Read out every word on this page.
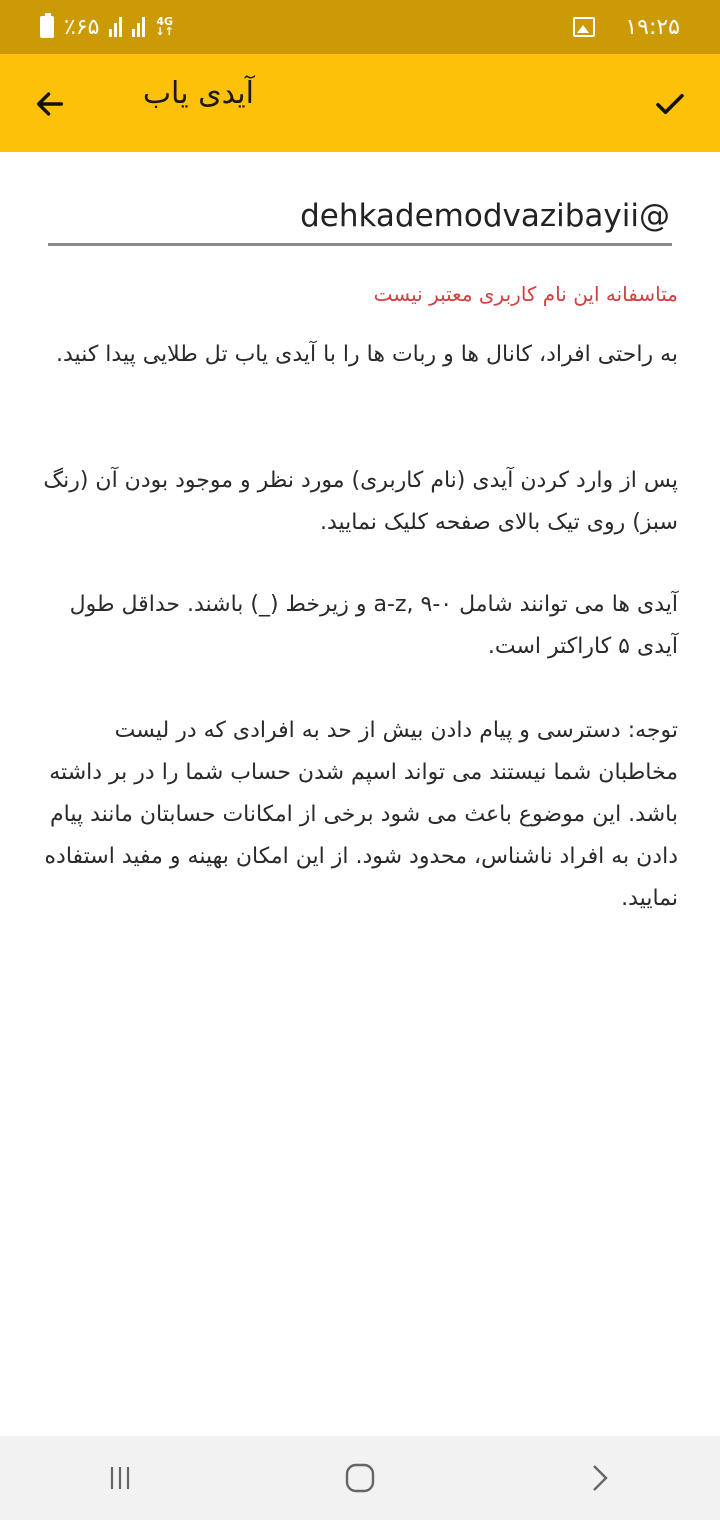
٪۶۵	4G
↓↑	۱۹:۲۵
آیدی یاب
dehkademodvazibayii@
متاسفانه این نام کاربری معتبر نیست
به راحتی افراد، کانال ها و ربات ها را با آیدی یاب تل طلایی پیدا کنید.
پس از وارد کردن آیدی (نام کاربری) مورد نظر و موجود بودن آن (رنگ سبز) روی تیک بالای صفحه کلیک نمایید.
آیدی ها می توانند شامل ۰-۹ ,a-z و زیرخط (_) باشند. حداقل طول آیدی ۵ کاراکتر است.
توجه: دسترسی و پیام دادن بیش از حد به افرادی که در لیست مخاطبان شما نیستند می تواند اسپم شدن حساب شما را در بر داشته باشد. این موضوع باعث می شود برخی از امکانات حسابتان مانند پیام دادن به افراد ناشناس، محدود شود. از این امکان بهینه و مفید استفاده نمایید.
